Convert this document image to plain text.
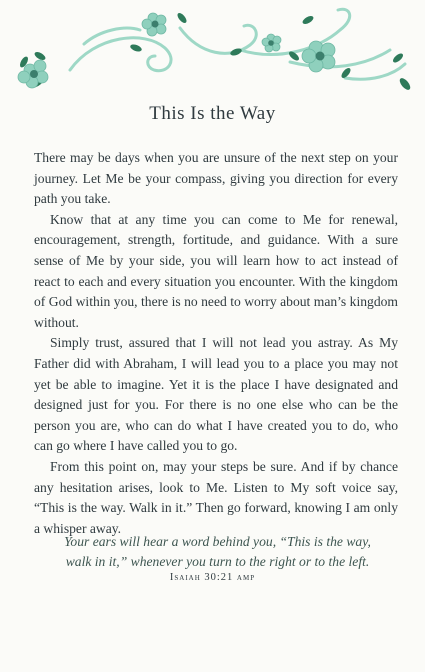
This Is the Way

There may be days when you are unsure of the next step on your journey. Let Me be your compass, giving you direction for every path you take.

Know that at any time you can come to Me for renewal, encouragement, strength, fortitude, and guidance. With a sure sense of Me by your side, you will learn how to act instead of react to each and every situation you encounter. With the kingdom of God within you, there is no need to worry about man’s kingdom without.

Simply trust, assured that I will not lead you astray. As My Father did with Abraham, I will lead you to a place you may not yet be able to imagine. Yet it is the place I have designated and designed just for you. For there is no one else who can be the person you are, who can do what I have created you to do, who can go where I have called you to go.

From this point on, may your steps be sure. And if by chance any hesitation arises, look to Me. Listen to My soft voice say, “This is the way. Walk in it.” Then go forward, knowing I am only a whisper away.

Your ears will hear a word behind you, “This is the way,
walk in it,” whenever you turn to the right or to the left.
Isaiah 30:21 amp
